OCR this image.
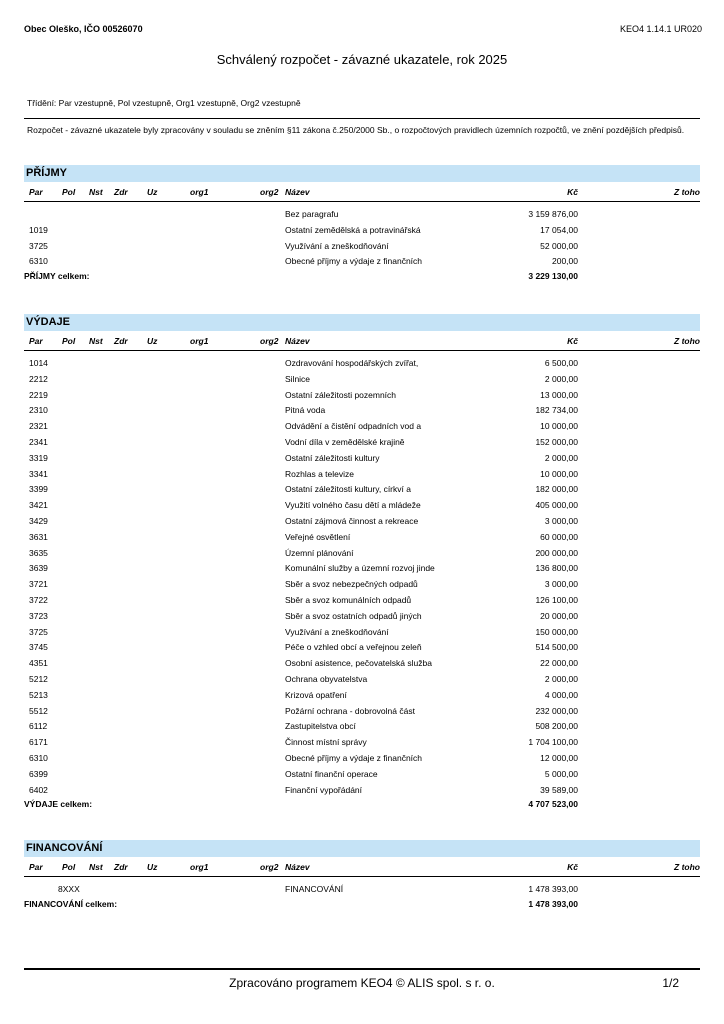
Obec Oleško, IČO 00526070	KEO4 1.14.1 UR020
Schválený rozpočet - závazné ukazatele, rok 2025
Třídění: Par vzestupně, Pol vzestupně, Org1 vzestupně, Org2 vzestupně
Rozpočet - závazné ukazatele byly zpracovány v souladu se zněním §11 zákona č.250/2000 Sb., o rozpočtových pravidlech územních rozpočtů, ve znění pozdějších předpisů.
PŘÍJMY
Par Pol Nst Zdr Uz	org1	org2 Název	Kč	Z toho
Bez paragrafu	3 159 876,00
1019	Ostatní zemědělská a potravinářská	17 054,00
3725	Využívání a zneškodňování	52 000,00
6310	Obecné příjmy a výdaje z finančních	200,00
PŘÍJMY celkem:	3 229 130,00
VÝDAJE
Par Pol Nst Zdr Uz	org1	org2 Název	Kč	Z toho
1014	Ozdravování hospodářských zvířat,	6 500,00
2212	Silnice	2 000,00
2219	Ostatní záležitosti pozemních	13 000,00
2310	Pitná voda	182 734,00
2321	Odvádění a čistění odpadních vod a	10 000,00
2341	Vodní díla v zemědělské krajině	152 000,00
3319	Ostatní záležitosti kultury	2 000,00
3341	Rozhlas a televize	10 000,00
3399	Ostatní záležitosti kultury, církví a	182 000,00
3421	Využití volného času dětí a mládeže	405 000,00
3429	Ostatní zájmová činnost a rekreace	3 000,00
3631	Veřejné osvětlení	60 000,00
3635	Územní plánování	200 000,00
3639	Komunální služby a územní rozvoj jinde	136 800,00
3721	Sběr a svoz nebezpečných odpadů	3 000,00
3722	Sběr a svoz komunálních odpadů	126 100,00
3723	Sběr a svoz ostatních odpadů jiných	20 000,00
3725	Využívání a zneškodňování	150 000,00
3745	Péče o vzhled obcí a veřejnou zeleň	514 500,00
4351	Osobní asistence, pečovatelská služba	22 000,00
5212	Ochrana obyvatelstva	2 000,00
5213	Krizová opatření	4 000,00
5512	Požární ochrana - dobrovolná část	232 000,00
6112	Zastupitelstva obcí	508 200,00
6171	Činnost místní správy	1 704 100,00
6310	Obecné příjmy a výdaje z finančních	12 000,00
6399	Ostatní finanční operace	5 000,00
6402	Finanční vypořádání	39 589,00
VÝDAJE celkem:	4 707 523,00
FINANCOVÁNÍ
Par Pol Nst Zdr Uz	org1	org2 Název	Kč	Z toho
8XXX	FINANCOVÁNÍ	1 478 393,00
FINANCOVÁNÍ celkem:	1 478 393,00
Zpracováno programem KEO4 © ALIS spol. s r. o.	1/2
